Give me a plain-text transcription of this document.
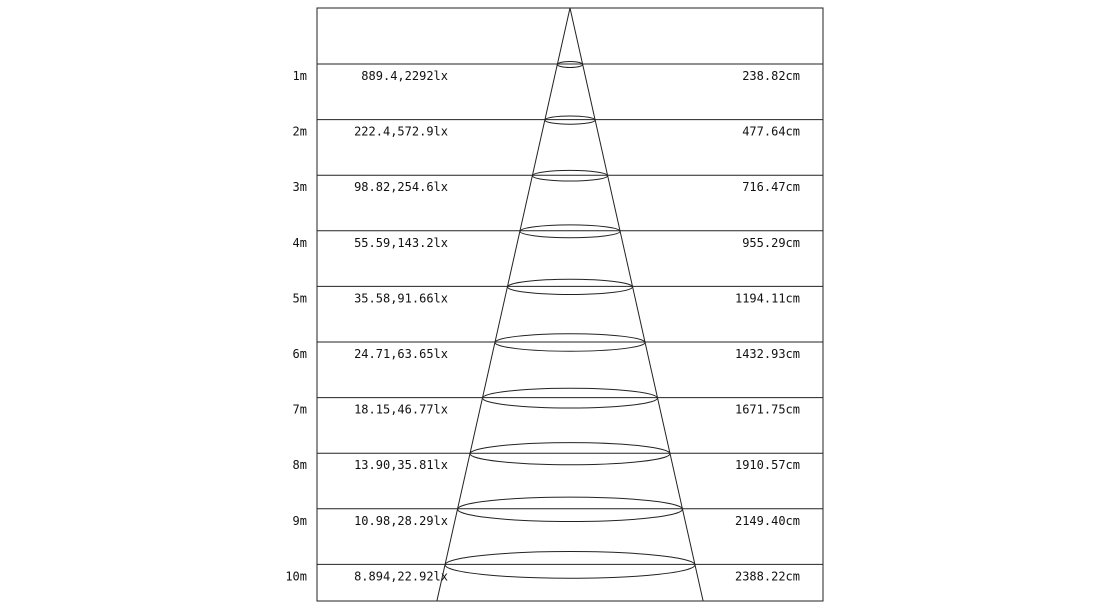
1m	889.4,2292lx	238.82cm
2m	222.4,572.9lx	477.64cm
3m	98.82,254.6lx	716.47cm
4m	55.59,143.2lx	955.29cm
5m	35.58,91.66lx	1194.11cm
6m	24.71,63.65lx	1432.93cm
7m	18.15,46.77lx	1671.75cm
8m	13.90,35.81lx	1910.57cm
9m	10.98,28.29lx	2149.40cm
10m	8.894,22.92lx	2388.22cm
